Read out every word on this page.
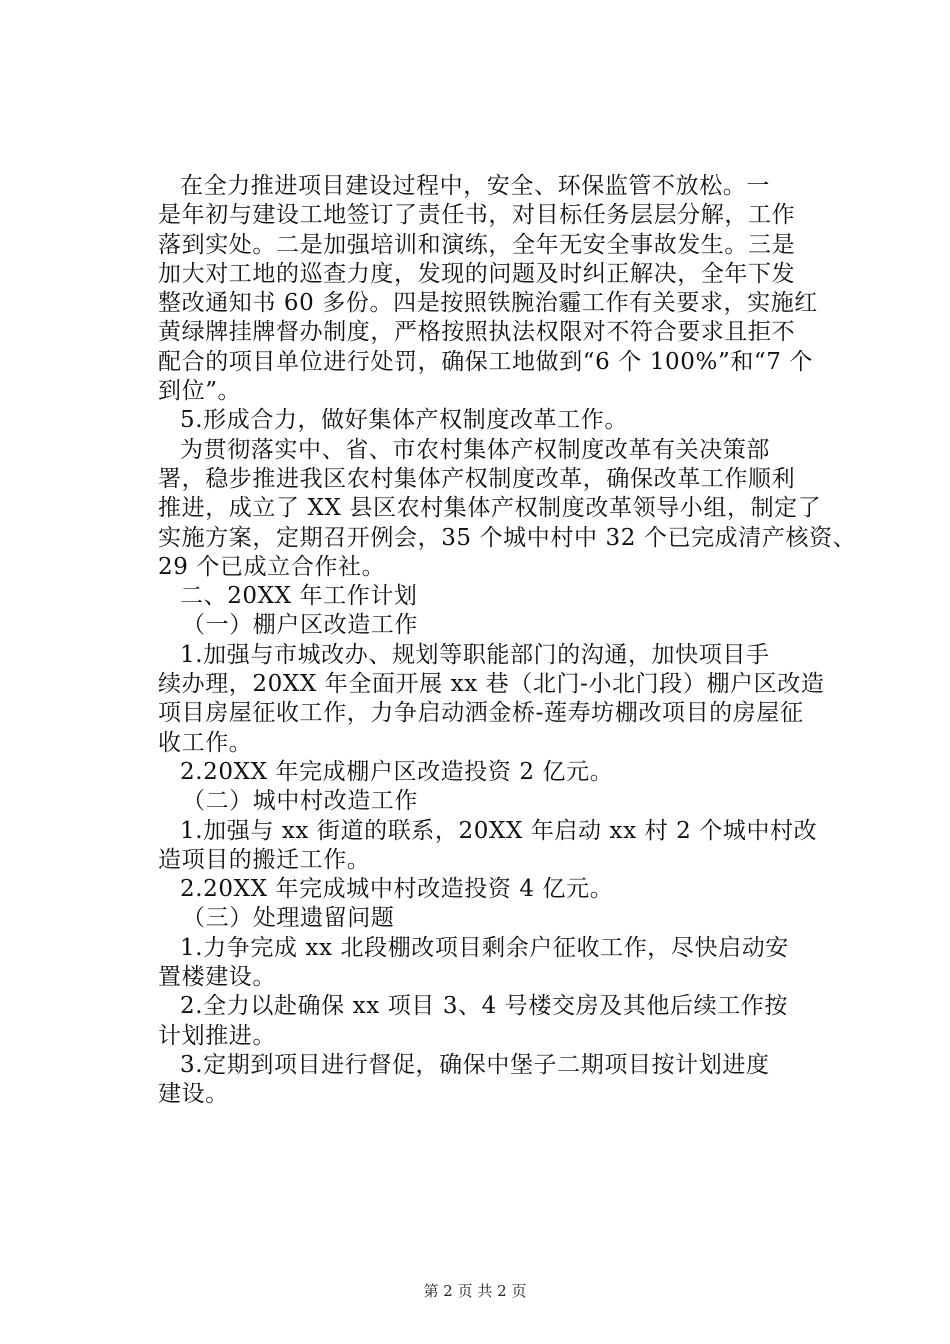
在全力推进项目建设过程中，安全、环保监管不放松。一
是年初与建设工地签订了责任书，对目标任务层层分解，工作
落到实处。二是加强培训和演练，全年无安全事故发生。三是
加大对工地的巡查力度，发现的问题及时纠正解决，全年下发
整改通知书 60 多份。四是按照铁腕治霾工作有关要求，实施红
黄绿牌挂牌督办制度，严格按照执法权限对不符合要求且拒不
配合的项目单位进行处罚，确保工地做到“6 个 100%”和“7 个
到位”。
5.形成合力，做好集体产权制度改革工作。
为贯彻落实中、省、市农村集体产权制度改革有关决策部
署，稳步推进我区农村集体产权制度改革，确保改革工作顺利
推进，成立了 XX 县区农村集体产权制度改革领导小组，制定了
实施方案，定期召开例会，35 个城中村中 32 个已完成清产核资、
29 个已成立合作社。
二、20XX 年工作计划
（一）棚户区改造工作
1.加强与市城改办、规划等职能部门的沟通，加快项目手
续办理，20XX 年全面开展 xx 巷（北门-小北门段）棚户区改造
项目房屋征收工作，力争启动洒金桥-莲寿坊棚改项目的房屋征
收工作。
2.20XX 年完成棚户区改造投资 2 亿元。
（二）城中村改造工作
1.加强与 xx 街道的联系，20XX 年启动 xx 村 2 个城中村改
造项目的搬迁工作。
2.20XX 年完成城中村改造投资 4 亿元。
（三）处理遗留问题
1.力争完成 xx 北段棚改项目剩余户征收工作，尽快启动安
置楼建设。
2.全力以赴确保 xx 项目 3、4 号楼交房及其他后续工作按
计划推进。
3.定期到项目进行督促，确保中堡子二期项目按计划进度
建设。
第 2 页 共 2 页
